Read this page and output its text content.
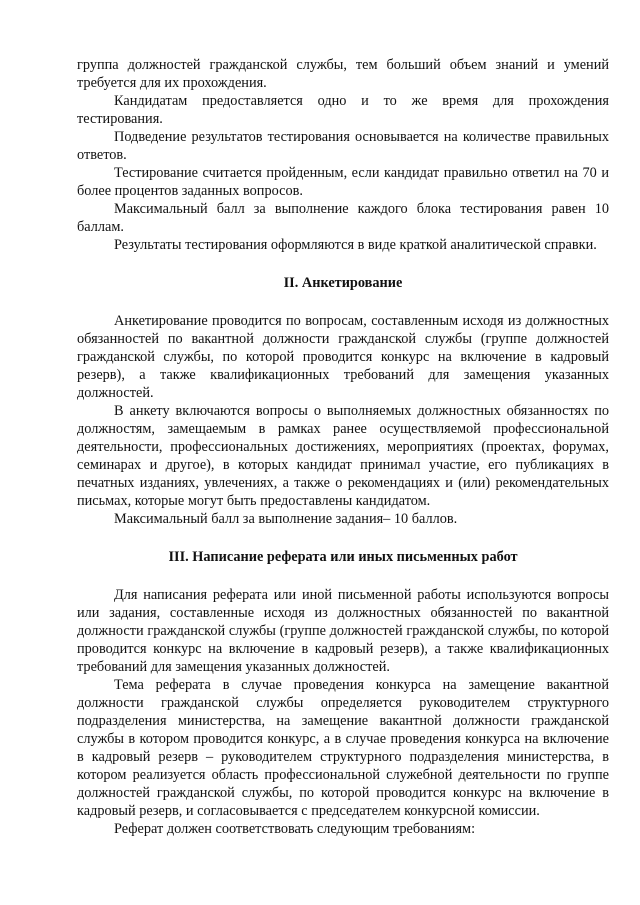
группа должностей гражданской службы, тем больший объем знаний и умений требуется для их прохождения.

Кандидатам предоставляется одно и то же время для прохождения тестирования.

Подведение результатов тестирования основывается на количестве правильных ответов.

Тестирование считается пройденным, если кандидат правильно ответил на 70 и более процентов заданных вопросов.

Максимальный балл за выполнение каждого блока тестирования равен 10 баллам.

Результаты тестирования оформляются в виде краткой аналитической справки.

II. Анкетирование

Анкетирование проводится по вопросам, составленным исходя из должностных обязанностей по вакантной должности гражданской службы (группе должностей гражданской службы, по которой проводится конкурс на включение в кадровый резерв), а также квалификационных требований для замещения указанных должностей.

В анкету включаются вопросы о выполняемых должностных обязанностях по должностям, замещаемым в рамках ранее осуществляемой профессиональной деятельности, профессиональных достижениях, мероприятиях (проектах, форумах, семинарах и другое), в которых кандидат принимал участие, его публикациях в печатных изданиях, увлечениях, а также о рекомендациях и (или) рекомендательных письмах, которые могут быть предоставлены кандидатом.

Максимальный балл за выполнение задания– 10 баллов.

III. Написание реферата или иных письменных работ

Для написания реферата или иной письменной работы используются вопросы или задания, составленные исходя из должностных обязанностей по вакантной должности гражданской службы (группе должностей гражданской службы, по которой проводится конкурс на включение в кадровый резерв), а также квалификационных требований для замещения указанных должностей.

Тема реферата в случае проведения конкурса на замещение вакантной должности гражданской службы определяется руководителем структурного подразделения министерства, на замещение вакантной должности гражданской службы в котором проводится конкурс, а в случае проведения конкурса на включение в кадровый резерв – руководителем структурного подразделения министерства, в котором реализуется область профессиональной служебной деятельности по группе должностей гражданской службы, по которой проводится конкурс на включение в кадровый резерв, и согласовывается с председателем конкурсной комиссии.

Реферат должен соответствовать следующим требованиям:
